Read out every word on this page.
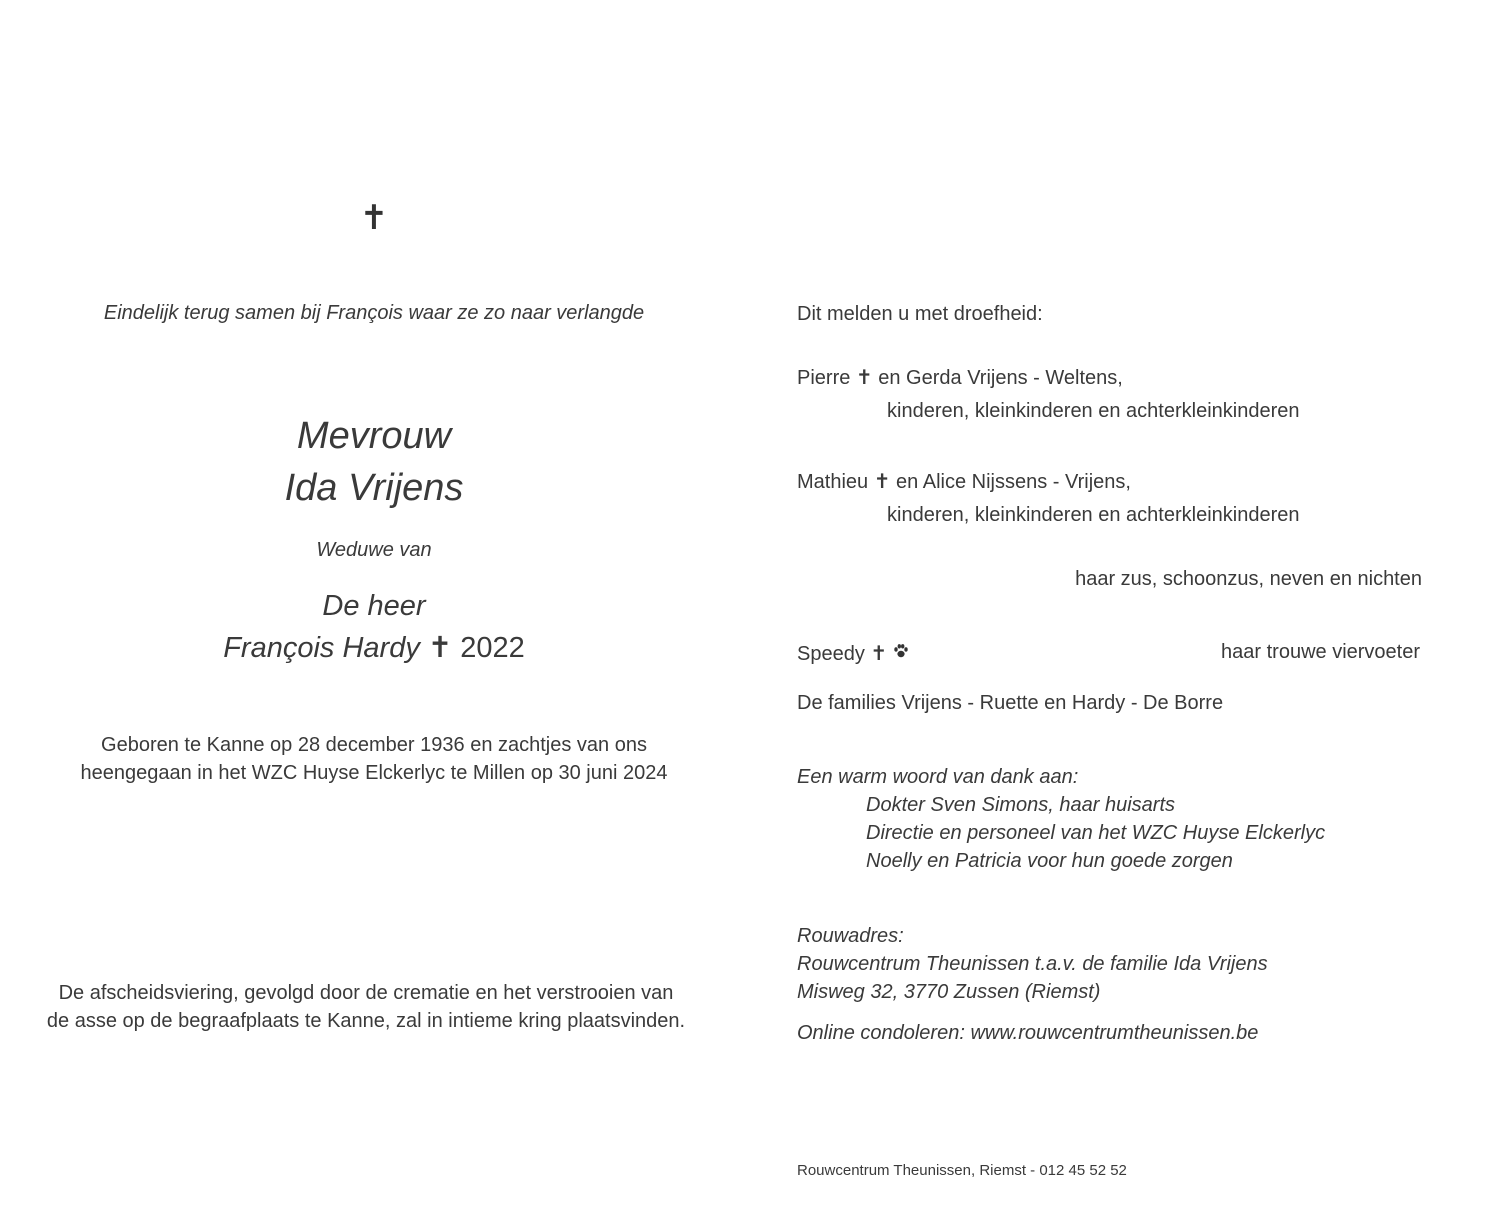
✝
Eindelijk terug samen bij François waar ze zo naar verlangde
Mevrouw
Ida Vrijens
Weduwe van
De heer
François Hardy ✝ 2022
Geboren te Kanne op 28 december 1936 en zachtjes van ons
heengegaan in het WZC Huyse Elckerlyc te Millen op 30 juni 2024
De afscheidsviering, gevolgd door de crematie en het verstrooien van
de asse op de begraafplaats te Kanne, zal in intieme kring plaatsvinden.
Dit melden u met droefheid:
Pierre ✝ en Gerda Vrijens - Weltens,
kinderen, kleinkinderen en achterkleinkinderen
Mathieu ✝ en Alice Nijssens - Vrijens,
kinderen, kleinkinderen en achterkleinkinderen
haar zus, schoonzus, neven en nichten
Speedy ✝	haar trouwe viervoeter
De families Vrijens - Ruette en Hardy - De Borre
Een warm woord van dank aan:
Dokter Sven Simons, haar huisarts
Directie en personeel van het WZC Huyse Elckerlyc
Noelly en Patricia voor hun goede zorgen
Rouwadres:
Rouwcentrum Theunissen t.a.v. de familie Ida Vrijens
Misweg 32, 3770 Zussen (Riemst)
Online condoleren: www.rouwcentrumtheunissen.be
Rouwcentrum Theunissen, Riemst - 012 45 52 52
